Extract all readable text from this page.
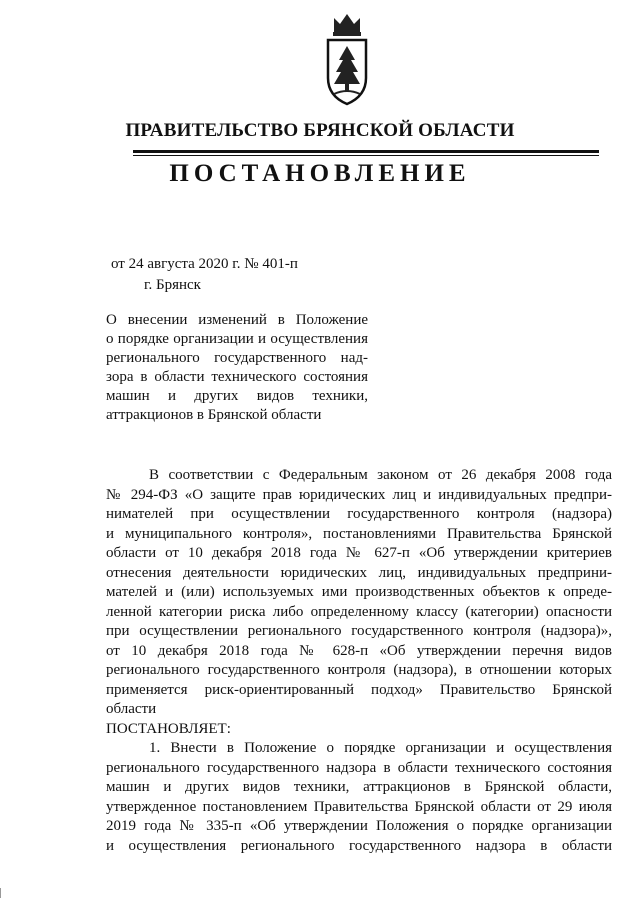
ПРАВИТЕЛЬСТВО БРЯНСКОЙ ОБЛАСТИ
ПОСТАНОВЛЕНИЕ
от 24 августа 2020 г. № 401-п
г. Брянск
О внесении изменений в Положение
о порядке организации и осуществления
регионального государственного над-
зора в области технического состояния
машин и других видов техники,
аттракционов в Брянской области
В соответствии с Федеральным законом от 26 декабря 2008 года
№ 294-ФЗ «О защите прав юридических лиц и индивидуальных предпри-
нимателей при осуществлении государственного контроля (надзора)
и муниципального контроля», постановлениями Правительства Брянской
области от 10 декабря 2018 года № 627-п «Об утверждении критериев
отнесения деятельности юридических лиц, индивидуальных предприни-
мателей и (или) используемых ими производственных объектов к опреде-
ленной категории риска либо определенному классу (категории) опасности
при осуществлении регионального государственного контроля (надзора)»,
от 10 декабря 2018 года № 628-п «Об утверждении перечня видов
регионального государственного контроля (надзора), в отношении которых
применяется риск-ориентированный подход» Правительство Брянской
области
ПОСТАНОВЛЯЕТ:
1. Внести в Положение о порядке организации и осуществления
регионального государственного надзора в области технического состояния
машин и других видов техники, аттракционов в Брянской области,
утвержденное постановлением Правительства Брянской области от 29 июля
2019 года № 335-п «Об утверждении Положения о порядке организации
и осуществления регионального государственного надзора в области
